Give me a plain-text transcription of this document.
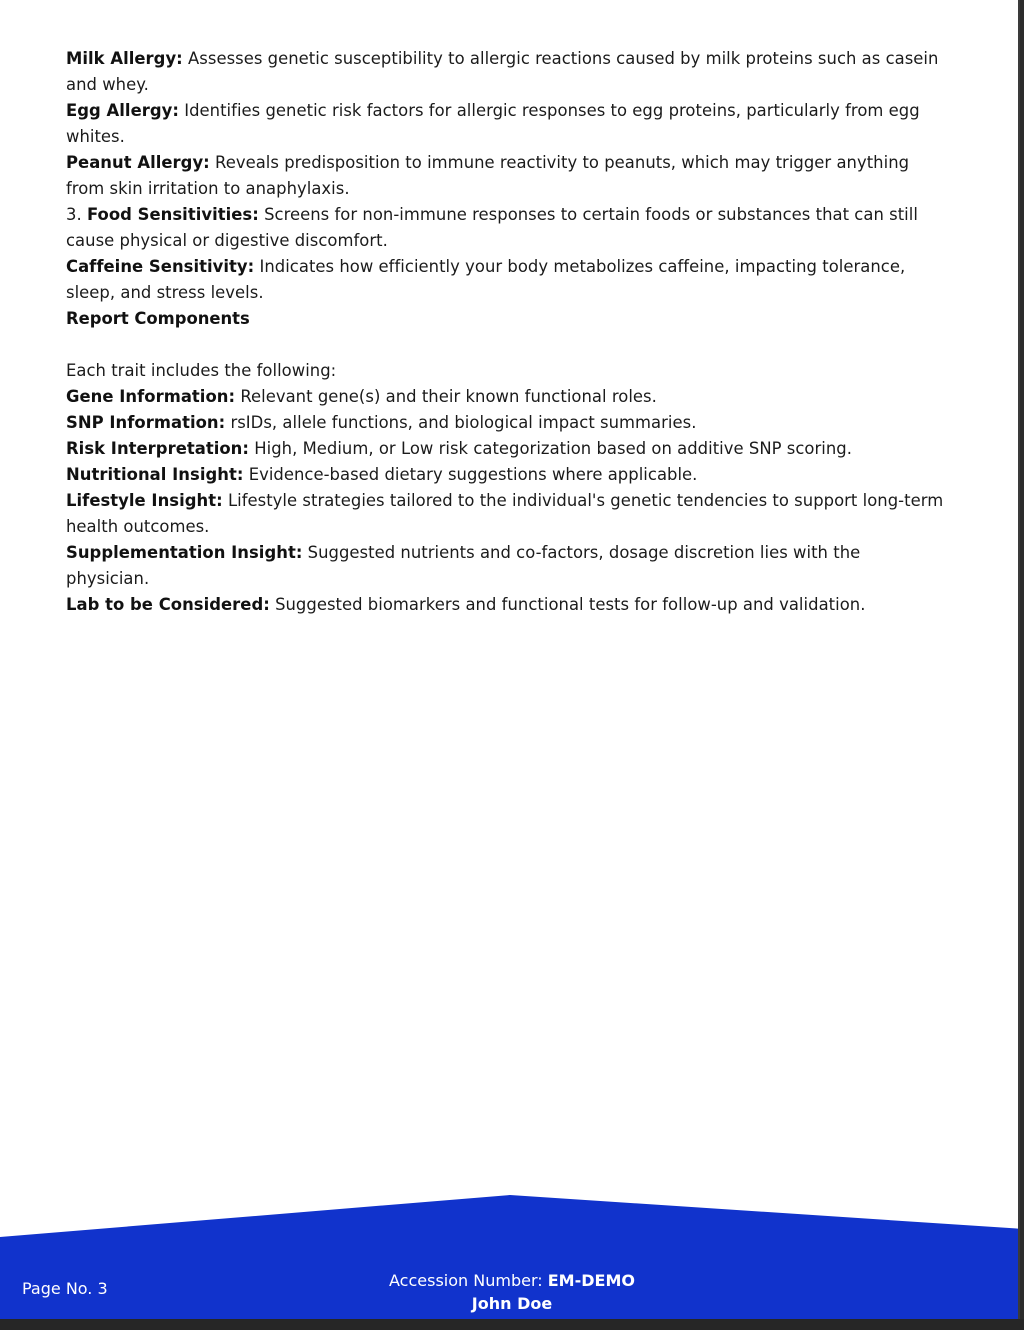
Milk Allergy: Assesses genetic susceptibility to allergic reactions caused by milk proteins such as casein and whey.

Egg Allergy: Identifies genetic risk factors for allergic responses to egg proteins, particularly from egg whites.

Peanut Allergy: Reveals predisposition to immune reactivity to peanuts, which may trigger anything from skin irritation to anaphylaxis.

3. Food Sensitivities: Screens for non-immune responses to certain foods or substances that can still cause physical or digestive discomfort.

Caffeine Sensitivity: Indicates how efficiently your body metabolizes caffeine, impacting tolerance, sleep, and stress levels.

Report Components

Each trait includes the following:

Gene Information: Relevant gene(s) and their known functional roles.

SNP Information: rsIDs, allele functions, and biological impact summaries.

Risk Interpretation: High, Medium, or Low risk categorization based on additive SNP scoring.

Nutritional Insight: Evidence-based dietary suggestions where applicable.

Lifestyle Insight: Lifestyle strategies tailored to the individual's genetic tendencies to support long-term health outcomes.

Supplementation Insight: Suggested nutrients and co-factors, dosage discretion lies with the physician.

Lab to be Considered: Suggested biomarkers and functional tests for follow-up and validation.

Page No. 3	Accession Number: EM-DEMO
John Doe
